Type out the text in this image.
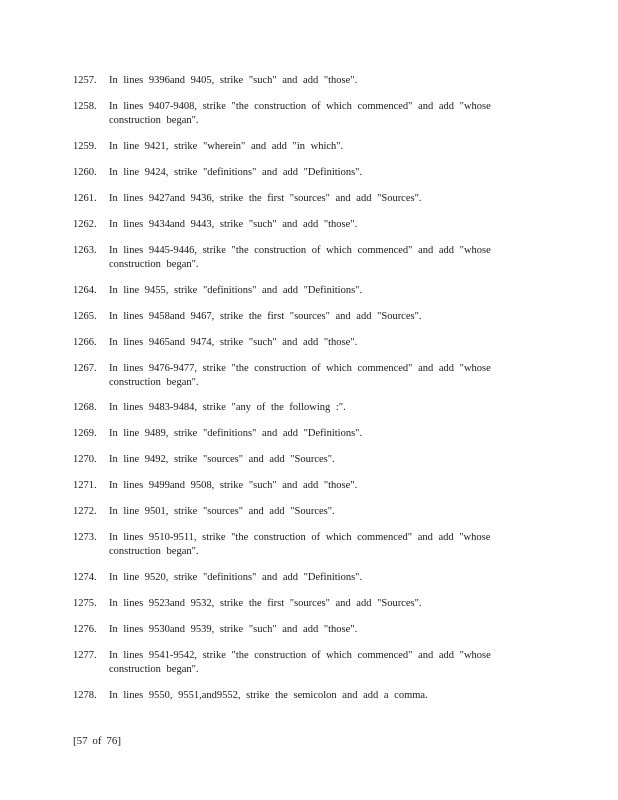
1257. In lines 9396and 9405, strike "such" and add "those".
1258. In lines 9407-9408, strike "the construction of which commenced" and add "whose construction began".
1259. In line 9421, strike "wherein" and add "in which".
1260. In line 9424, strike "definitions" and add "Definitions".
1261. In lines 9427and 9436, strike the first "sources" and add "Sources".
1262. In lines 9434and 9443, strike "such" and add "those".
1263. In lines 9445-9446, strike "the construction of which commenced" and add "whose construction began".
1264. In line 9455, strike "definitions" and add "Definitions".
1265. In lines 9458and 9467, strike the first "sources" and add "Sources".
1266. In lines 9465and 9474, strike "such" and add "those".
1267. In lines 9476-9477, strike "the construction of which commenced" and add "whose construction began".
1268. In lines 9483-9484, strike "any of the following :".
1269. In line 9489, strike "definitions" and add "Definitions".
1270. In line 9492, strike "sources" and add "Sources".
1271. In lines 9499and 9508, strike "such" and add "those".
1272. In line 9501, strike "sources" and add "Sources".
1273. In lines 9510-9511, strike "the construction of which commenced" and add "whose construction began".
1274. In line 9520, strike "definitions" and add "Definitions".
1275. In lines 9523and 9532, strike the first "sources" and add "Sources".
1276. In lines 9530and 9539, strike "such" and add "those".
1277. In lines 9541-9542, strike "the construction of which commenced" and add "whose construction began".
1278. In lines 9550, 9551,and9552, strike the semicolon and add a comma.
[57 of 76]
